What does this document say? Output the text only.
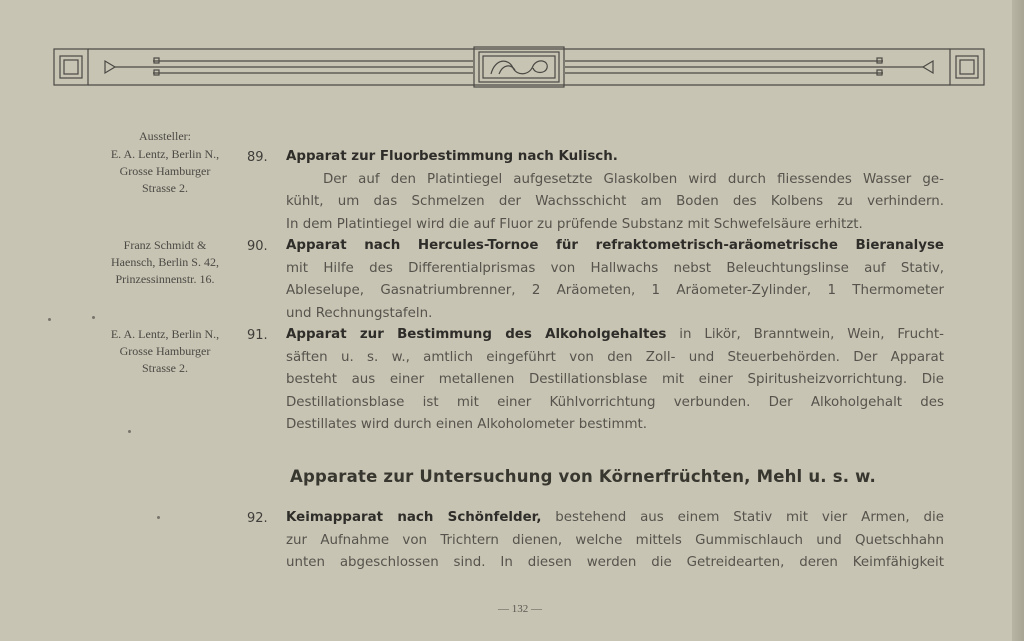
Aussteller:
E. A. Lentz, Berlin N.,
Grosse Hamburger
Strasse 2.
Franz Schmidt &
Haensch, Berlin S. 42,
Prinzessinnenstr. 16.
E. A. Lentz, Berlin N.,
Grosse Hamburger
Strasse 2.
89.	Apparat zur Fluorbestimmung nach Kulisch.
Der auf den Platintiegel aufgesetzte Glaskolben wird durch fliessendes Wasser ge-
kühlt, um das Schmelzen der Wachsschicht am Boden des Kolbens zu verhindern.
In dem Platintiegel wird die auf Fluor zu prüfende Substanz mit Schwefelsäure erhitzt.
90.	Apparat nach Hercules-Tornoe für refraktometrisch-aräometrische Bieranalyse
mit Hilfe des Differentialprismas von Hallwachs nebst Beleuchtungslinse auf Stativ,
Ableselupe, Gasnatriumbrenner, 2 Aräometen, 1 Aräometer-Zylinder, 1 Thermometer
und Rechnungstafeln.
91.	Apparat zur Bestimmung des Alkoholgehaltes in Likör, Branntwein, Wein, Frucht-
säften u. s. w., amtlich eingeführt von den Zoll- und Steuerbehörden. Der Apparat
besteht aus einer metallenen Destillationsblase mit einer Spiritusheizvorrichtung. Die
Destillationsblase ist mit einer Kühlvorrichtung verbunden. Der Alkoholgehalt des
Destillates wird durch einen Alkoholometer bestimmt.
Apparate zur Untersuchung von Körnerfrüchten, Mehl u. s. w.
92.	Keimapparat nach Schönfelder, bestehend aus einem Stativ mit vier Armen, die
zur Aufnahme von Trichtern dienen, welche mittels Gummischlauch und Quetschhahn
unten abgeschlossen sind. In diesen werden die Getreidearten, deren Keimfähigkeit
— 132 —
